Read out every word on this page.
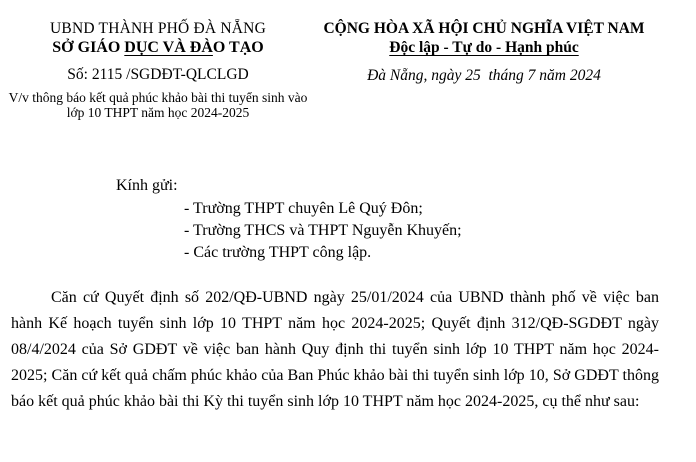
UBND THÀNH PHỐ ĐÀ NẴNG
SỞ GIÁO DỤC VÀ ĐÀO TẠO
Số: 2115 /SGDĐT-QLCLGD
V/v thông báo kết quả phúc khảo bài thi tuyển sinh vào lớp 10 THPT năm học 2024-2025
CỘNG HÒA XÃ HỘI CHỦ NGHĨA VIỆT NAM
Độc lập - Tự do - Hạnh phúc
Đà Nẵng, ngày 25  tháng 7 năm 2024
Kính gửi:
- Trường THPT chuyên Lê Quý Đôn;
- Trường THCS và THPT Nguyễn Khuyến;
- Các trường THPT công lập.

Căn cứ Quyết định số 202/QĐ-UBND ngày 25/01/2024 của UBND thành phố về việc ban hành Kế hoạch tuyển sinh lớp 10 THPT năm học 2024-2025; Quyết định 312/QĐ-SGDĐT ngày 08/4/2024 của Sở GDĐT về việc ban hành Quy định thi tuyển sinh lớp 10 THPT năm học 2024-2025; Căn cứ kết quả chấm phúc khảo của Ban Phúc khảo bài thi tuyển sinh lớp 10, Sở GDĐT thông báo kết quả phúc khảo bài thi Kỳ thi tuyển sinh lớp 10 THPT năm học 2024-2025, cụ thể như sau:
